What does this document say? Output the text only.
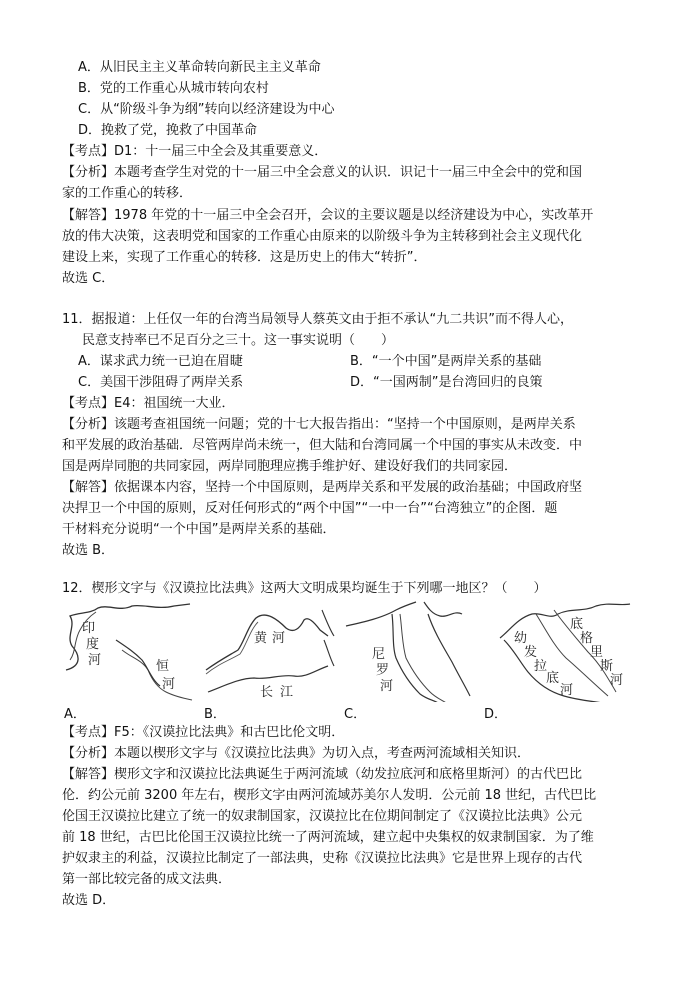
A．从旧民主主义革命转向新民主主义革命
B．党的工作重心从城市转向农村
C．从“阶级斗争为纲”转向以经济建设为中心
D．挽救了党，挽救了中国革命
【考点】D1：十一届三中全会及其重要意义．
【分析】本题考查学生对党的十一届三中全会意义的认识．识记十一届三中全会中的党和国
家的工作重心的转移．
【解答】1978 年党的十一届三中全会召开，会议的主要议题是以经济建设为中心，实改革开
放的伟大决策，这表明党和国家的工作重心由原来的以阶级斗争为主转移到社会主义现代化
建设上来，实现了工作重心的转移．这是历史上的伟大“转折”．
故选 C．
11．据报道：上任仅一年的台湾当局领导人蔡英文由于拒不承认“九二共识”而不得人心，
民意支持率已不足百分之三十。这一事实说明（　　）
A．谋求武力统一已迫在眉睫	B．“一个中国”是两岸关系的基础
C．美国干涉阻碍了两岸关系	D．“一国两制”是台湾回归的良策
【考点】E4：祖国统一大业．
【分析】该题考查祖国统一问题；党的十七大报告指出：“坚持一个中国原则，是两岸关系
和平发展的政治基础．尽管两岸尚未统一，但大陆和台湾同属一个中国的事实从未改变．中
国是两岸同胞的共同家园，两岸同胞理应携手维护好、建设好我们的共同家园．
【解答】依据课本内容，坚持一个中国原则，是两岸关系和平发展的政治基础；中国政府坚
决捍卫一个中国的原则，反对任何形式的“两个中国”“一中一台”“台湾独立”的企图．题
干材料充分说明“一个中国”是两岸关系的基础．
故选 B．
12．楔形文字与《汉谟拉比法典》这两大文明成果均诞生于下列哪一地区？（　　）
印
度
河	恒
河
A．
黄 河
长 江
B．
尼
罗
河
C．
幼
发
拉
底
河
底
格
里
斯
河
D．
【考点】F5：《汉谟拉比法典》和古巴比伦文明．
【分析】本题以楔形文字与《汉谟拉比法典》为切入点，考查两河流域相关知识．
【解答】楔形文字和汉谟拉比法典诞生于两河流域（幼发拉底河和底格里斯河）的古代巴比
伦．约公元前 3200 年左右，楔形文字由两河流域苏美尔人发明．公元前 18 世纪，古代巴比
伦国王汉谟拉比建立了统一的奴隶制国家，汉谟拉比在位期间制定了《汉谟拉比法典》公元
前 18 世纪，古巴比伦国王汉谟拉比统一了两河流域，建立起中央集权的奴隶制国家．为了维
护奴隶主的利益，汉谟拉比制定了一部法典，史称《汉谟拉比法典》它是世界上现存的古代
第一部比较完备的成文法典．
故选 D．
